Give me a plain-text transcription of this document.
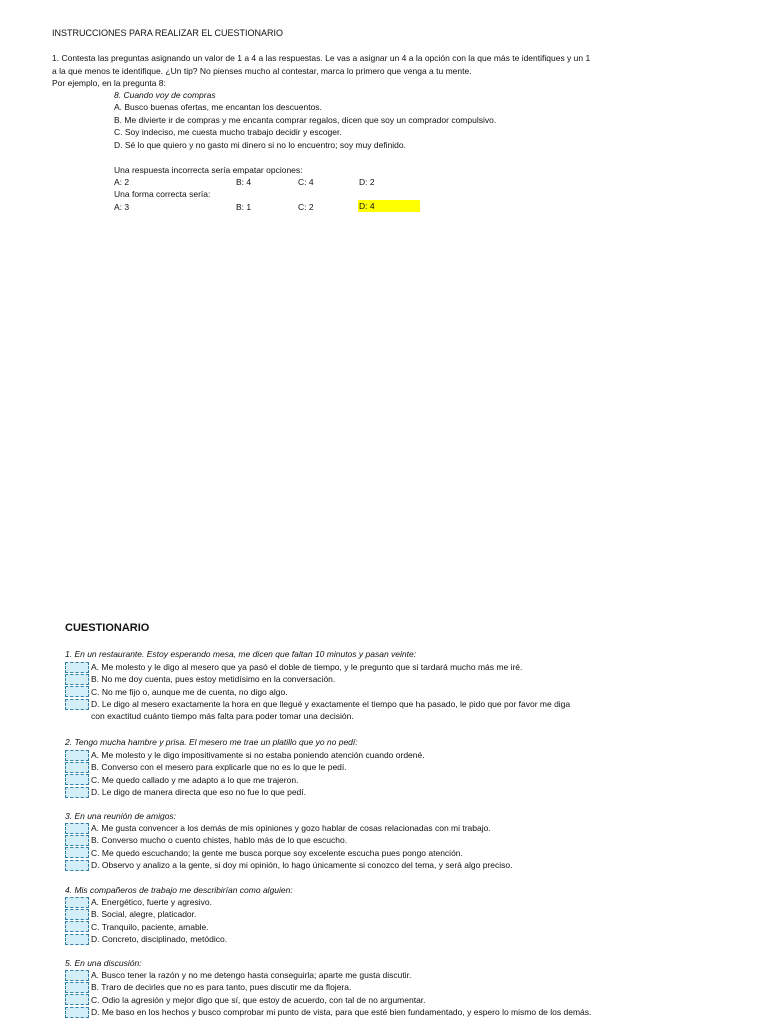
INSTRUCCIONES PARA REALIZAR EL CUESTIONARIO
1. Contesta las preguntas asignando un valor de 1 a 4 a las respuestas. Le vas a asignar un 4 a la opción con la que más te identifiques y un 1
a la que menos te identifique. ¿Un tip? No pienses mucho al contestar, marca lo primero que venga a tu mente.
Por ejemplo, en la pregunta 8:
8. Cuando voy de compras
A. Busco buenas ofertas, me encantan los descuentos.
B. Me divierte ir de compras y me encanta comprar regalos, dicen que soy un comprador compulsivo.
C. Soy indeciso, me cuesta mucho trabajo decidir y escoger.
D. Sé lo que quiero y no gasto mi dinero si no lo encuentro; soy muy definido.
Una respuesta incorrecta sería empatar opciones:
A: 2	B: 4	C: 4	D: 2
Una forma correcta sería:
A: 3	B: 1	C: 2	D: 4
CUESTIONARIO
1. En un restaurante. Estoy esperando mesa, me dicen que faltan 10 minutos y pasan veinte:
A. Me molesto y le digo al mesero que ya pasó el doble de tiempo, y le pregunto que si tardará mucho más me iré.
B. No me doy cuenta, pues estoy metidísimo en la conversación.
C. No me fijo o, aunque me de cuenta, no digo algo.
D. Le digo al mesero exactamente la hora en que llegué y exactamente el tiempo que ha pasado, le pido que por favor me diga
con exactitud cuánto tiempo más falta para poder tomar una decisión.
2. Tengo mucha hambre y prisa. El mesero me trae un platillo que yo no pedí:
A. Me molesto y le digo impositivamente si no estaba poniendo atención cuando ordené.
B. Converso con el mesero para explicarle que no es lo que le pedí.
C. Me quedo callado y me adapto a lo que me trajeron.
D. Le digo de manera directa que eso no fue lo que pedí.
3. En una reunión de amigos:
A. Me gusta convencer a los demás de mis opiniones y gozo hablar de cosas relacionadas con mi trabajo.
B. Converso mucho o cuento chistes, hablo más de lo que escucho.
C. Me quedo escuchando; la gente me busca porque soy excelente escucha pues pongo atención.
D. Observo y analizo a la gente, si doy mi opinión, lo hago únicamente si conozco del tema, y será algo preciso.
4. Mis compañeros de trabajo me describirían como alguien:
A. Energético, fuerte y agresivo.
B. Social, alegre, platicador.
C. Tranquilo, paciente, amable.
D. Concreto, disciplinado, metódico.
5. En una discusión:
A. Busco tener la razón y no me detengo hasta conseguirla; aparte me gusta discutir.
B. Traro de decirles que no es para tanto, pues discutir me da flojera.
C. Odio la agresión y mejor digo que sí, que estoy de acuerdo, con tal de no argumentar.
D. Me baso en los hechos y busco comprobar mi punto de vista, para que esté bien fundamentado, y espero lo mismo de los demás.
